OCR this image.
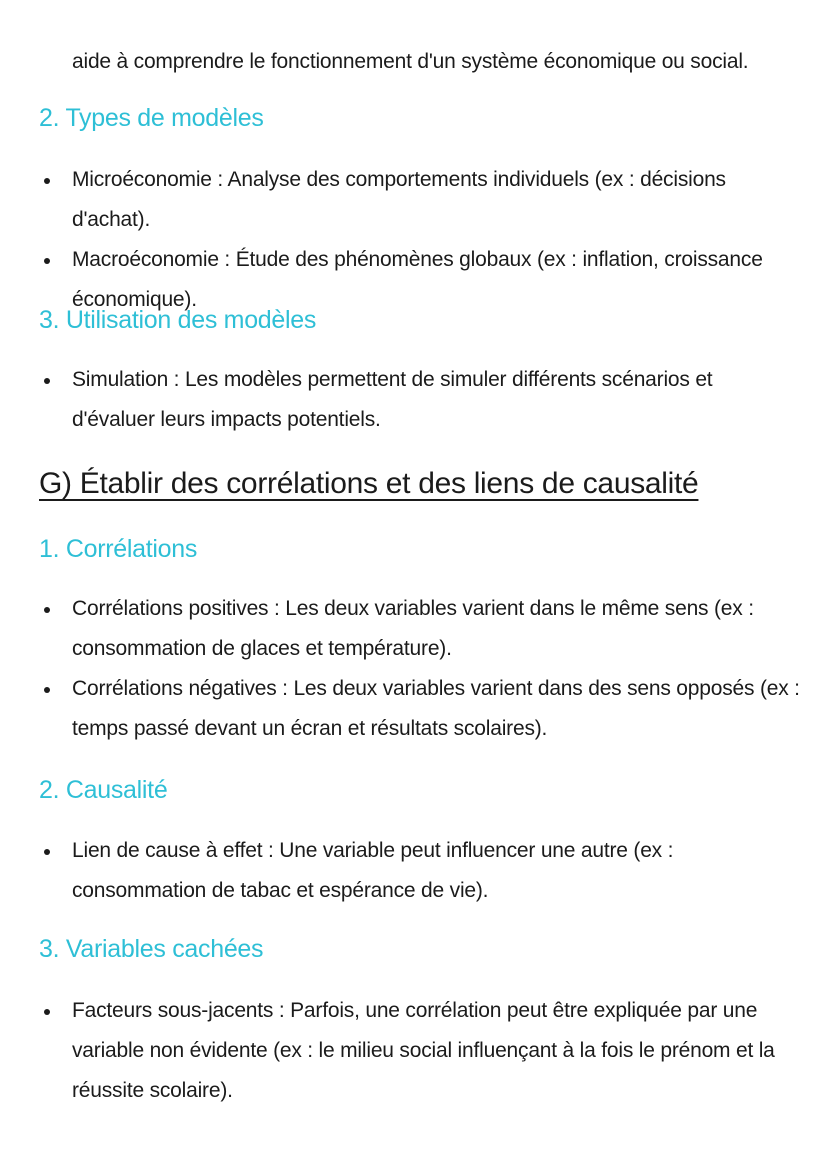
aide à comprendre le fonctionnement d'un système économique ou social.

2. Types de modèles
Microéconomie : Analyse des comportements individuels (ex : décisions d'achat).
Macroéconomie : Étude des phénomènes globaux (ex : inflation, croissance économique).
3. Utilisation des modèles
Simulation : Les modèles permettent de simuler différents scénarios et d'évaluer leurs impacts potentiels.
G) Établir des corrélations et des liens de causalité
1. Corrélations
Corrélations positives : Les deux variables varient dans le même sens (ex : consommation de glaces et température).
Corrélations négatives : Les deux variables varient dans des sens opposés (ex : temps passé devant un écran et résultats scolaires).
2. Causalité
Lien de cause à effet : Une variable peut influencer une autre (ex : consommation de tabac et espérance de vie).
3. Variables cachées
Facteurs sous-jacents : Parfois, une corrélation peut être expliquée par une variable non évidente (ex : le milieu social influençant à la fois le prénom et la réussite scolaire).
